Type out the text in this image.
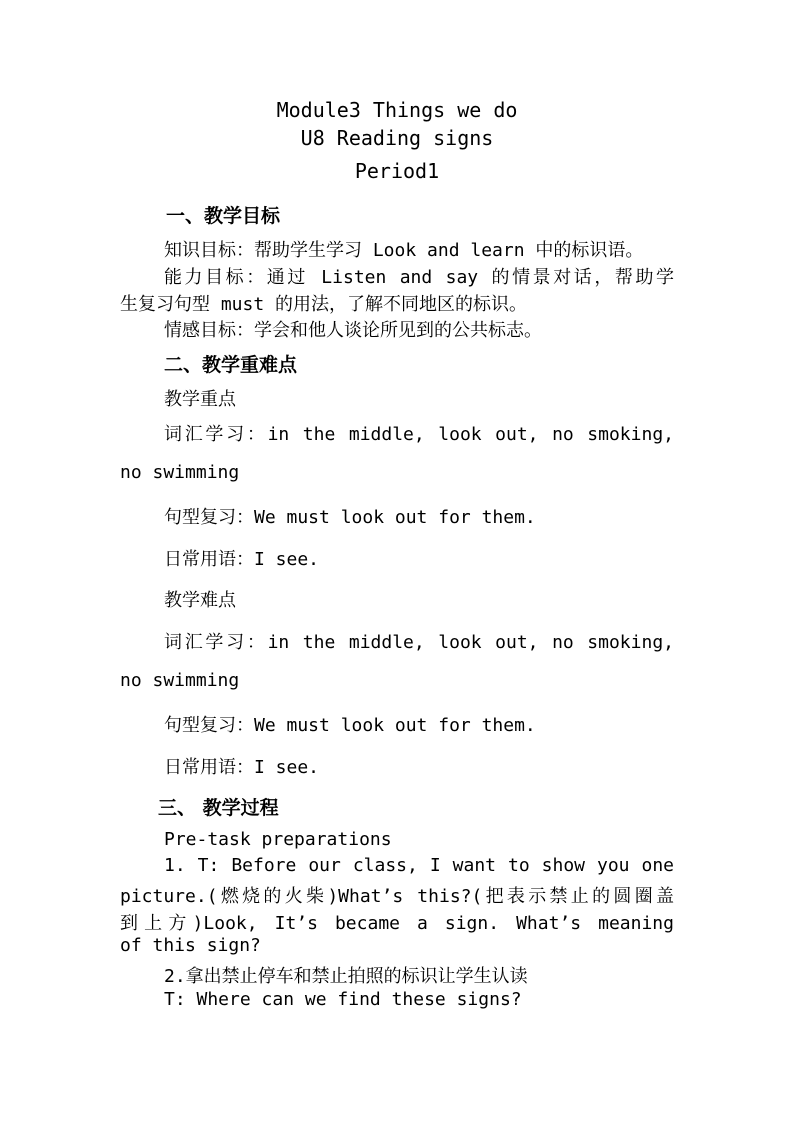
Module3 Things we do
U8 Reading signs
Period1
一、教学目标
知识目标：帮助学生学习 Look and learn 中的标识语。
能力目标：通过 Listen and say 的情景对话，帮助学
生复习句型 must 的用法，了解不同地区的标识。
情感目标：学会和他人谈论所见到的公共标志。
二、教学重难点
教学重点
词汇学习：in the middle, look out, no smoking,
no swimming
句型复习：We must look out for them.
日常用语：I see.
教学难点
词汇学习：in the middle, look out, no smoking,
no swimming
句型复习：We must look out for them.
日常用语：I see.
三、 教学过程
Pre-task preparations
1. T: Before our class, I want to show you one
picture.(燃烧的火柴)What’s this?(把表示禁止的圆圈盖
到上方)Look, It’s became a sign. What’s meaning
of this sign?
2.拿出禁止停车和禁止拍照的标识让学生认读
T: Where can we find these signs?
